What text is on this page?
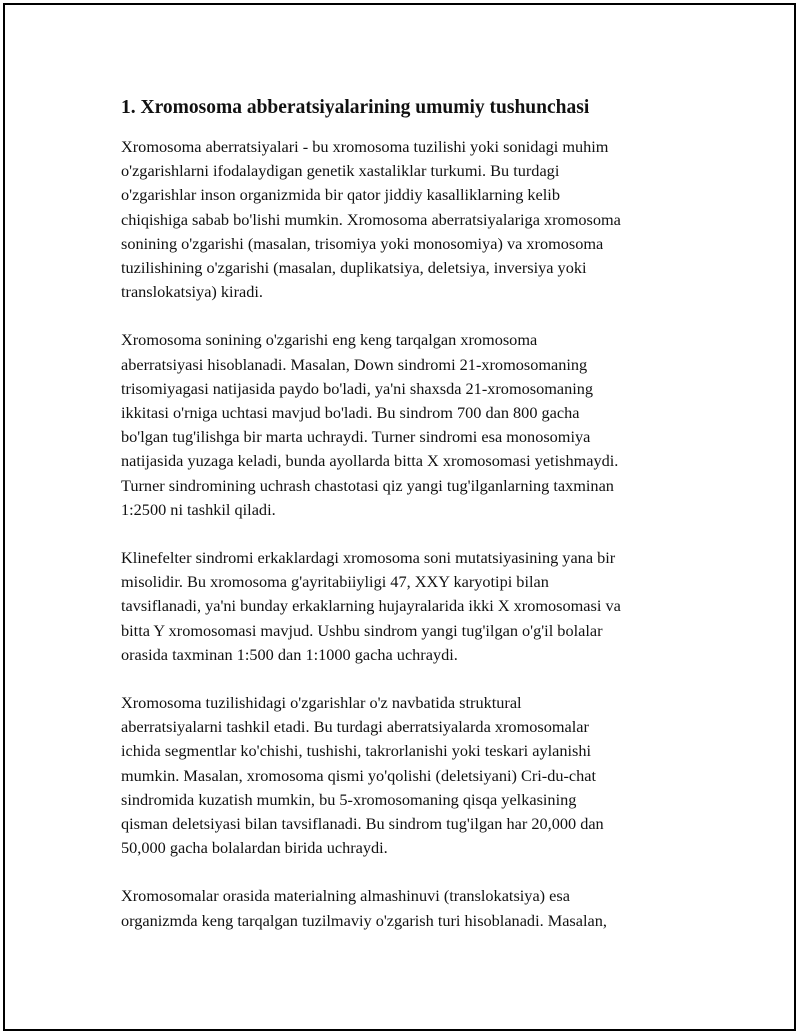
1. Xromosoma abberatsiyalarining umumiy tushunchasi

Xromosoma aberratsiyalari - bu xromosoma tuzilishi yoki sonidagi muhim
o'zgarishlarni ifodalaydigan genetik xastaliklar turkumi. Bu turdagi
o'zgarishlar inson organizmida bir qator jiddiy kasalliklarning kelib
chiqishiga sabab bo'lishi mumkin. Xromosoma aberratsiyalariga xromosoma
sonining o'zgarishi (masalan, trisomiya yoki monosomiya) va xromosoma
tuzilishining o'zgarishi (masalan, duplikatsiya, deletsiya, inversiya yoki
translokatsiya) kiradi.

Xromosoma sonining o'zgarishi eng keng tarqalgan xromosoma
aberratsiyasi hisoblanadi. Masalan, Down sindromi 21-xromosomaning
trisomiyagasi natijasida paydo bo'ladi, ya'ni shaxsda 21-xromosomaning
ikkitasi o'rniga uchtasi mavjud bo'ladi. Bu sindrom 700 dan 800 gacha
bo'lgan tug'ilishga bir marta uchraydi. Turner sindromi esa monosomiya
natijasida yuzaga keladi, bunda ayollarda bitta X xromosomasi yetishmaydi.
Turner sindromining uchrash chastotasi qiz yangi tug'ilganlarning taxminan
1:2500 ni tashkil qiladi.

Klinefelter sindromi erkaklardagi xromosoma soni mutatsiyasining yana bir
misolidir. Bu xromosoma g'ayritabiiyligi 47, XXY karyotipi bilan
tavsiflanadi, ya'ni bunday erkaklarning hujayralarida ikki X xromosomasi va
bitta Y xromosomasi mavjud. Ushbu sindrom yangi tug'ilgan o'g'il bolalar
orasida taxminan 1:500 dan 1:1000 gacha uchraydi.

Xromosoma tuzilishidagi o'zgarishlar o'z navbatida struktural
aberratsiyalarni tashkil etadi. Bu turdagi aberratsiyalarda xromosomalar
ichida segmentlar ko'chishi, tushishi, takrorlanishi yoki teskari aylanishi
mumkin. Masalan, xromosoma qismi yo'qolishi (deletsiyani) Cri-du-chat
sindromida kuzatish mumkin, bu 5-xromosomaning qisqa yelkasining
qisman deletsiyasi bilan tavsiflanadi. Bu sindrom tug'ilgan har 20,000 dan
50,000 gacha bolalardan birida uchraydi.

Xromosomalar orasida materialning almashinuvi (translokatsiya) esa
organizmda keng tarqalgan tuzilmaviy o'zgarish turi hisoblanadi. Masalan,
